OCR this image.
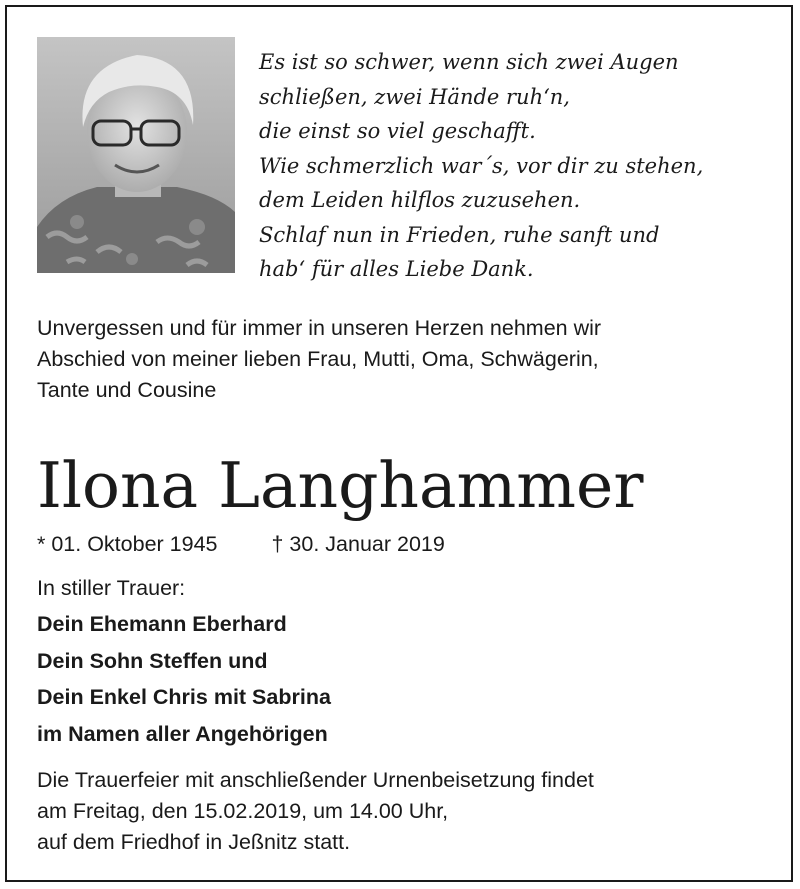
Es ist so schwer, wenn sich zwei Augen
schließen, zwei Hände ruh‘n,
die einst so viel geschafft.
Wie schmerzlich war´s, vor dir zu stehen,
dem Leiden hilflos zuzusehen.
Schlaf nun in Frieden, ruhe sanft und
hab‘ für alles Liebe Dank.
Unvergessen und für immer in unseren Herzen nehmen wir
Abschied von meiner lieben Frau, Mutti, Oma, Schwägerin,
Tante und Cousine
Ilona Langhammer
* 01. Oktober 1945	† 30. Januar 2019
In stiller Trauer:
Dein Ehemann Eberhard
Dein Sohn Steffen und
Dein Enkel Chris mit Sabrina
im Namen aller Angehörigen
Die Trauerfeier mit anschließender Urnenbeisetzung findet
am Freitag, den 15.02.2019, um 14.00 Uhr,
auf dem Friedhof in Jeßnitz statt.
